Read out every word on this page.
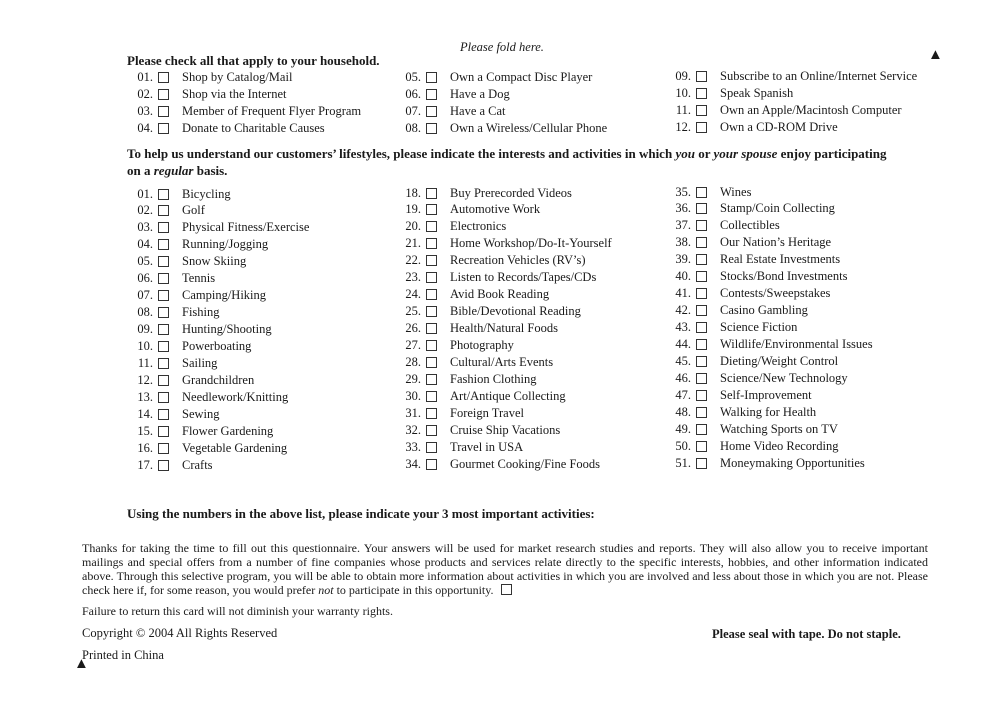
Please fold here.	▲
Please check all that apply to your household.
01. Shop by Catalog/Mail
02. Shop via the Internet
03. Member of Frequent Flyer Program
04. Donate to Charitable Causes
05. Own a Compact Disc Player
06. Have a Dog
07. Have a Cat
08. Own a Wireless/Cellular Phone
09. Subscribe to an Online/Internet Service
10. Speak Spanish
11. Own an Apple/Macintosh Computer
12. Own a CD-ROM Drive
To help us understand our customers’ lifestyles, please indicate the interests and activities in which you or your spouse enjoy participating on a regular basis.
01. Bicycling
02. Golf
03. Physical Fitness/Exercise
04. Running/Jogging
05. Snow Skiing
06. Tennis
07. Camping/Hiking
08. Fishing
09. Hunting/Shooting
10. Powerboating
11. Sailing
12. Grandchildren
13. Needlework/Knitting
14. Sewing
15. Flower Gardening
16. Vegetable Gardening
17. Crafts
18. Buy Prerecorded Videos
19. Automotive Work
20. Electronics
21. Home Workshop/Do-It-Yourself
22. Recreation Vehicles (RV’s)
23. Listen to Records/Tapes/CDs
24. Avid Book Reading
25. Bible/Devotional Reading
26. Health/Natural Foods
27. Photography
28. Cultural/Arts Events
29. Fashion Clothing
30. Art/Antique Collecting
31. Foreign Travel
32. Cruise Ship Vacations
33. Travel in USA
34. Gourmet Cooking/Fine Foods
35. Wines
36. Stamp/Coin Collecting
37. Collectibles
38. Our Nation’s Heritage
39. Real Estate Investments
40. Stocks/Bond Investments
41. Contests/Sweepstakes
42. Casino Gambling
43. Science Fiction
44. Wildlife/Environmental Issues
45. Dieting/Weight Control
46. Science/New Technology
47. Self-Improvement
48. Walking for Health
49. Watching Sports on TV
50. Home Video Recording
51. Moneymaking Opportunities
Using the numbers in the above list, please indicate your 3 most important activities:
Thanks for taking the time to fill out this questionnaire. Your answers will be used for market research studies and reports. They will also allow you to receive important mailings and special offers from a number of fine companies whose products and services relate directly to the specific interests, hobbies, and other information indicated above. Through this selective program, you will be able to obtain more information about activities in which you are involved and less about those in which you are not. Please check here if, for some reason, you would prefer not to participate in this opportunity.
Failure to return this card will not diminish your warranty rights.
Copyright © 2004 All Rights Reserved	Please seal with tape. Do not staple.
Printed in China
▲
